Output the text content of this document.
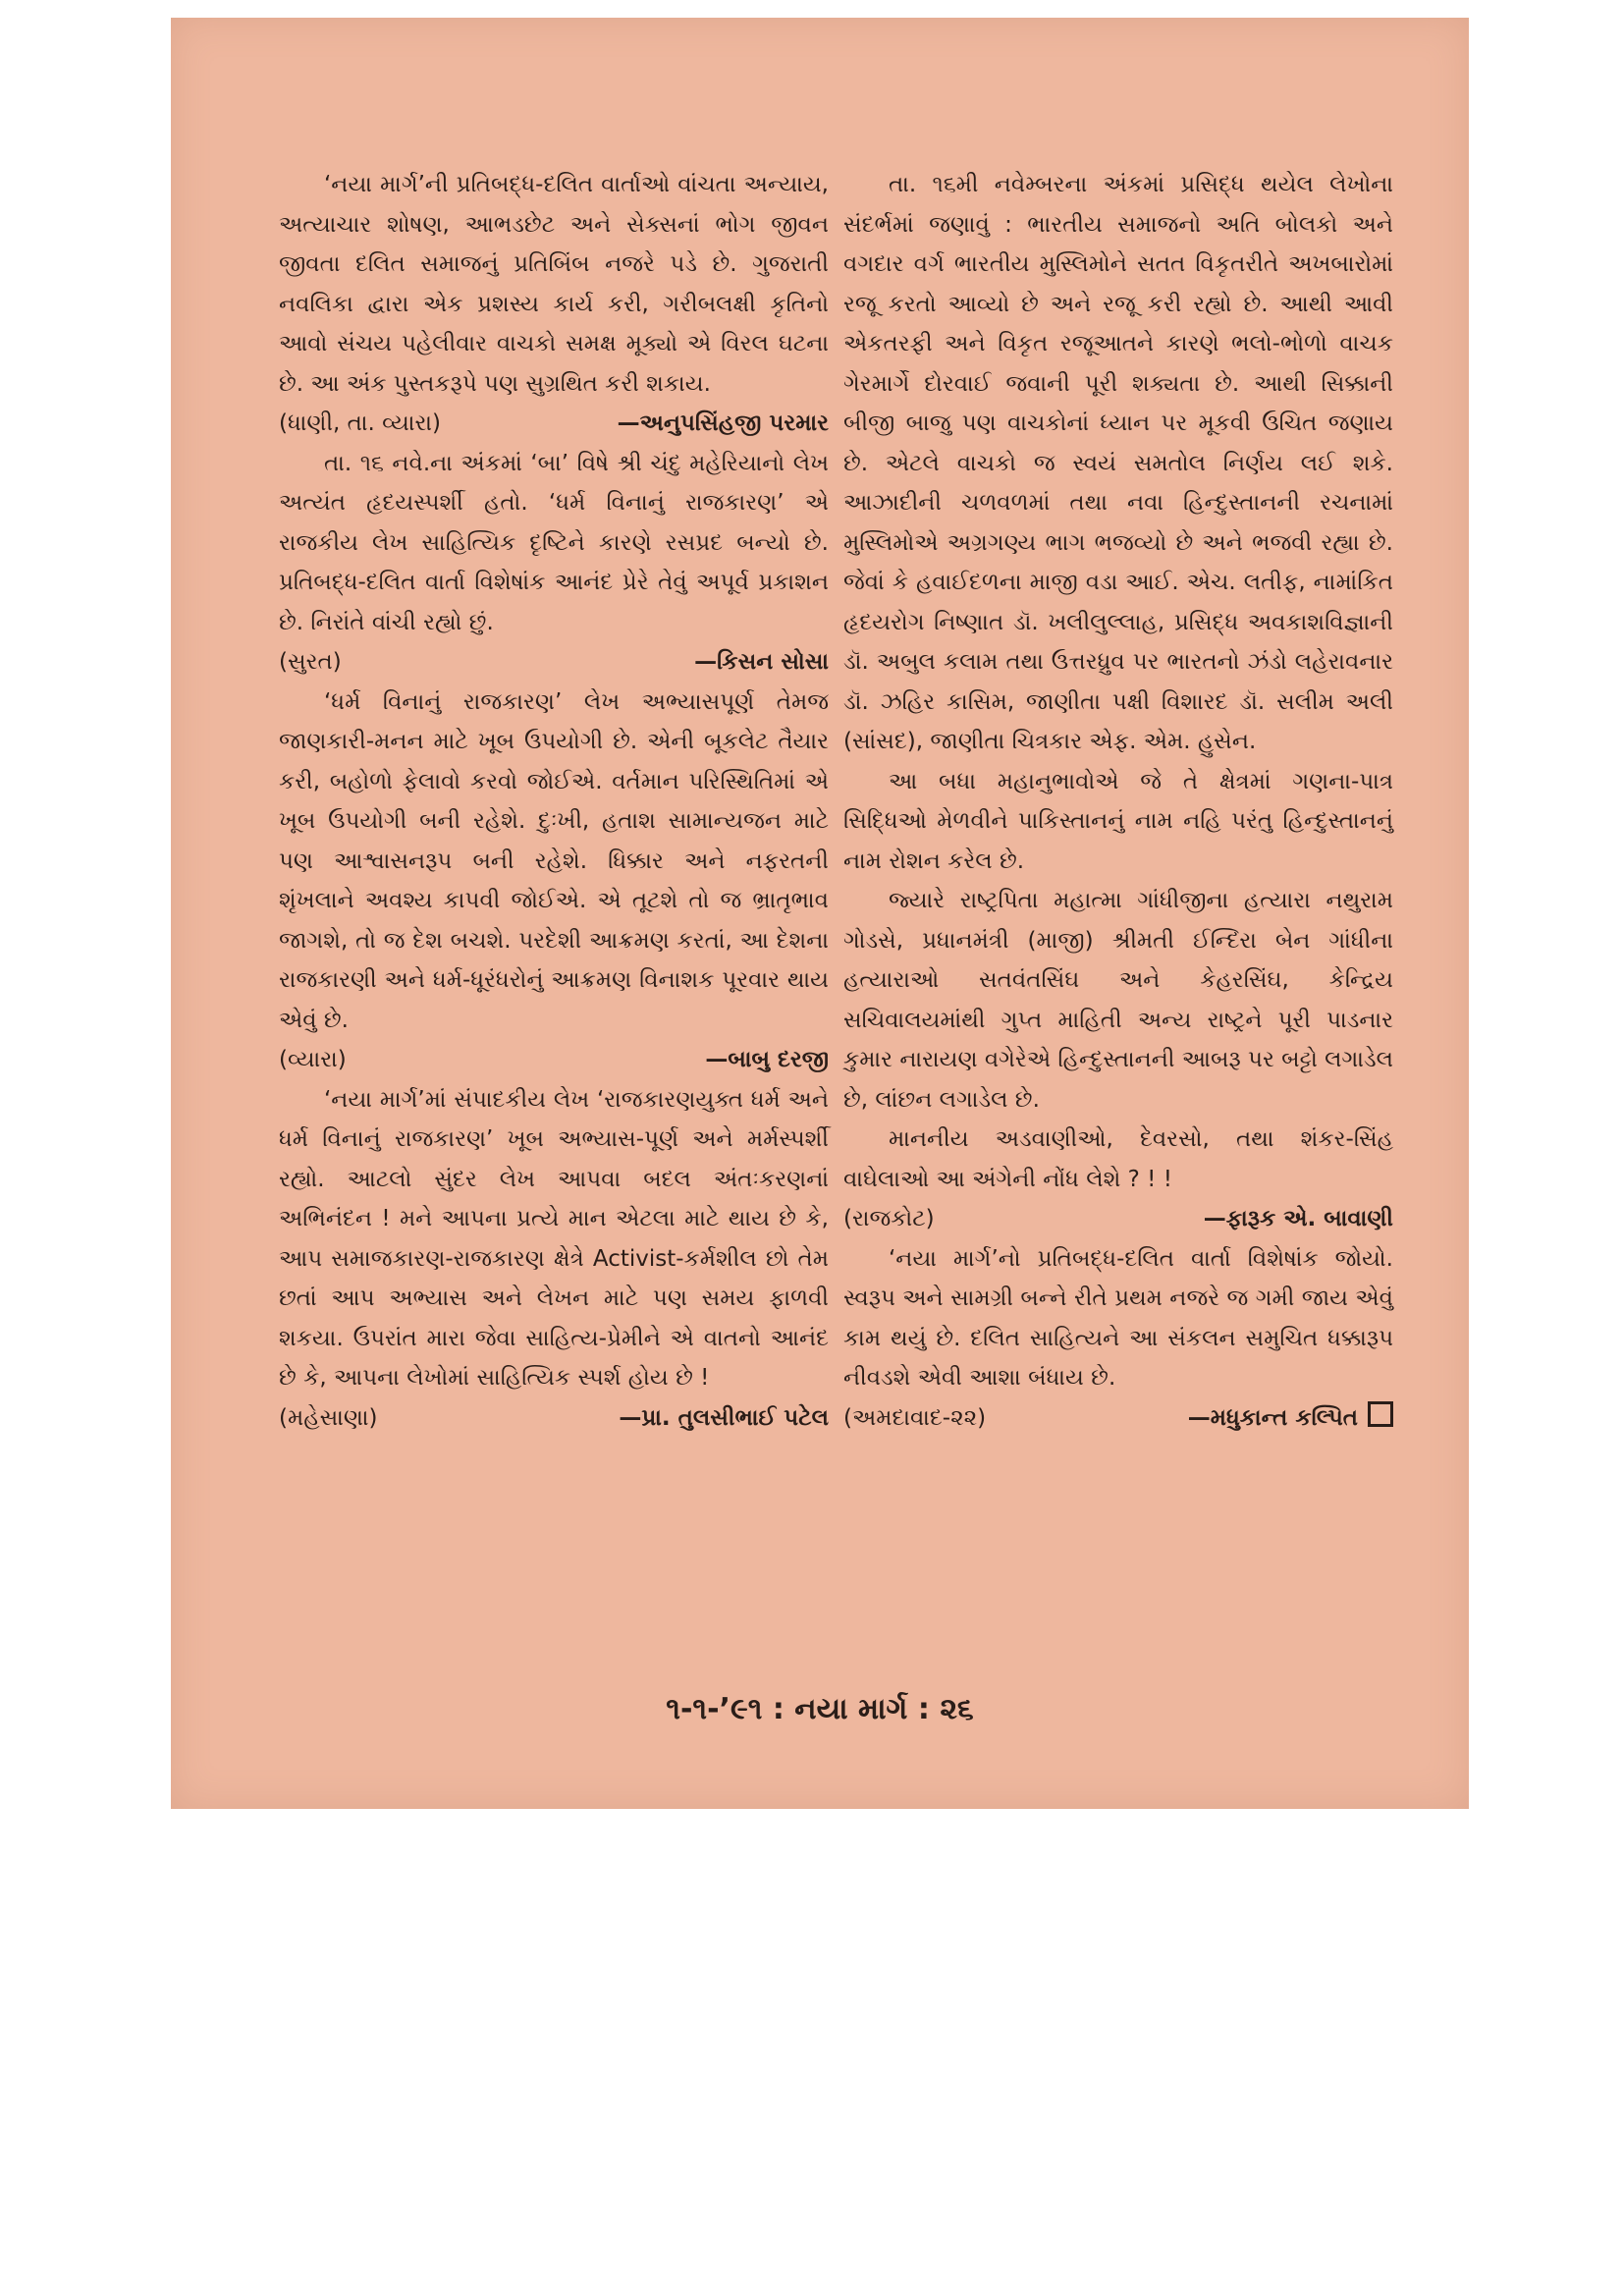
‘નયા માર્ગ’ની પ્રતિબદ્ધ-દલિત વાર્તાઓ વાંચતા અન્યાય, અત્યાચાર શોષણ, આભડછેટ અને સેક્સનાં ભોગ જીવન જીવતા દલિત સમાજનું પ્રતિબિંબ નજરે પડે છે. ગુજરાતી નવલિકા દ્વારા એક પ્રશસ્ય કાર્ય કરી, ગરીબલક્ષી કૃતિનો આવો સંચય પહેલીવાર વાચકો સમક્ષ મૂક્યો એ વિરલ ઘટના છે. આ અંક પુસ્તકરૂપે પણ સુગ્રથિત કરી શકાય.

(ધાણી, તા. વ્યારા)	—અનુપસિંહજી પરમાર

તા. ૧૬ નવે.ના અંકમાં ‘બા’ વિષે શ્રી ચંદુ મહેરિયાનો લેખ અત્યંત હૃદયસ્પર્શી હતો. ‘ધર્મ વિનાનું રાજકારણ’ એ રાજકીય લેખ સાહિત્યિક દૃષ્ટિને કારણે રસપ્રદ બન્યો છે. પ્રતિબદ્ધ-દલિત વાર્તા વિશેષાંક આનંદ પ્રેરે તેવું અપૂર્વ પ્રકાશન છે. નિરાંતે વાંચી રહ્યો છું.

(સુરત)	—કિસન સોસા

‘ધર્મ વિનાનું રાજકારણ’ લેખ અભ્યાસપૂર્ણ તેમજ જાણકારી-મનન માટે ખૂબ ઉપયોગી છે. એની બૂકલેટ તૈયાર કરી, બહોળો ફેલાવો કરવો જોઈએ. વર્તમાન પરિસ્થિતિમાં એ ખૂબ ઉપયોગી બની રહેશે. દુઃખી, હતાશ સામાન્યજન માટે પણ આશ્વાસનરૂપ બની રહેશે. ધિક્કાર અને નફરતની શૃંખલાને અવશ્ય કાપવી જોઈએ. એ તૂટશે તો જ ભ્રાતૃભાવ જાગશે, તો જ દેશ બચશે. પરદેશી આક્રમણ કરતાં, આ દેશના રાજકારણી અને ધર્મ-ધૂરંધરોનું આક્રમણ વિનાશક પૂરવાર થાય એવું છે.

(વ્યારા)	—બાબુ દરજી

‘નયા માર્ગ’માં સંપાદકીય લેખ ‘રાજકારણયુક્ત ધર્મ અને ધર્મ વિનાનું રાજકારણ’ ખૂબ અભ્યાસ-પૂર્ણ અને મર્મસ્પર્શી રહ્યો. આટલો સુંદર લેખ આપવા બદલ અંતઃકરણનાં અભિનંદન ! મને આપના પ્રત્યે માન એટલા માટે થાય છે કે, આપ સમાજકારણ-રાજકારણ ક્ષેત્રે Activist-કર્મશીલ છો તેમ છતાં આપ અભ્યાસ અને લેખન માટે પણ સમય ફાળવી શકયા. ઉપરાંત મારા જેવા સાહિત્ય-પ્રેમીને એ વાતનો આનંદ છે કે, આપના લેખોમાં સાહિત્યિક સ્પર્શ હોય છે !

(મહેસાણા)	—પ્રા. તુલસીભાઈ પટેલ

તા. ૧૬મી નવેમ્બરના અંકમાં પ્રસિદ્ધ થયેલ લેખોના સંદર્ભમાં જણાવું : ભારતીય સમાજનો અતિ બોલકો અને વગદાર વર્ગ ભારતીય મુસ્લિમોને સતત વિકૃતરીતે અખબારોમાં રજૂ કરતો આવ્યો છે અને રજૂ કરી રહ્યો છે. આથી આવી એકતરફી અને વિકૃત રજૂઆતને કારણે ભલો-ભોળો વાચક ગેરમાર્ગે દોરવાઈ જવાની પૂરી શક્યતા છે. આથી સિક્કાની બીજી બાજુ પણ વાચકોનાં ધ્યાન પર મૂકવી ઉચિત જણાય છે. એટલે વાચકો જ સ્વયં સમતોલ નિર્ણય લઈ શકે. આઝાદીની ચળવળમાં તથા નવા હિન્દુસ્તાનની રચનામાં મુસ્લિમોએ અગ્રગણ્ય ભાગ ભજવ્યો છે અને ભજવી રહ્યા છે. જેવાં કે હવાઈદળના માજી વડા આઈ. એચ. લતીફ, નામાંકિત હૃદયરોગ નિષ્ણાત ડૉ. ખલીલુલ્લાહ, પ્રસિદ્ધ અવકાશવિજ્ઞાની ડૉ. અબુલ કલામ તથા ઉત્તરધ્રુવ પર ભારતનો ઝંડો લહેરાવનાર ડૉ. ઝહિર કાસિમ, જાણીતા પક્ષી વિશારદ ડૉ. સલીમ અલી (સાંસદ), જાણીતા ચિત્રકાર એફ. એમ. હુસેન.

આ બધા મહાનુભાવોએ જે તે ક્ષેત્રમાં ગણના-પાત્ર સિદ્ધિઓ મેળવીને પાકિસ્તાનનું નામ નહિ પરંતુ હિન્દુસ્તાનનું નામ રોશન કરેલ છે.

જ્યારે રાષ્ટ્રપિતા મહાત્મા ગાંધીજીના હત્યારા નથુરામ ગોડસે, પ્રધાનમંત્રી (માજી) શ્રીમતી ઈન્દિરા બેન ગાંધીના હત્યારાઓ સતવંતસિંઘ અને કેહરસિંઘ, કેન્દ્રિય સચિવાલયમાંથી ગુપ્ત માહિતી અન્ય રાષ્ટ્રને પૂરી પાડનાર કુમાર નારાયણ વગેરેએ હિન્દુસ્તાનની આબરૂ પર બટ્ટો લગાડેલ છે, લાંછન લગાડેલ છે.

માનનીય અડવાણીઓ, દેવરસો, તથા શંકર-સિંહ વાઘેલાઓ આ અંગેની નોંધ લેશે ? ! !

(રાજકોટ)	—ફારૂક એ. બાવાણી

‘નયા માર્ગ’નો પ્રતિબદ્ધ-દલિત વાર્તા વિશેષાંક જોયો. સ્વરૂપ અને સામગ્રી બન્ને રીતે પ્રથમ નજરે જ ગમી જાય એવું કામ થયું છે. દલિત સાહિત્યને આ સંકલન સમુચિત ધક્કારૂપ નીવડશે એવી આશા બંધાય છે.

(અમદાવાદ-૨૨)	—મધુકાન્ત કલ્પિત
૧-૧-’૯૧ : નયા માર્ગ : ૨૬
